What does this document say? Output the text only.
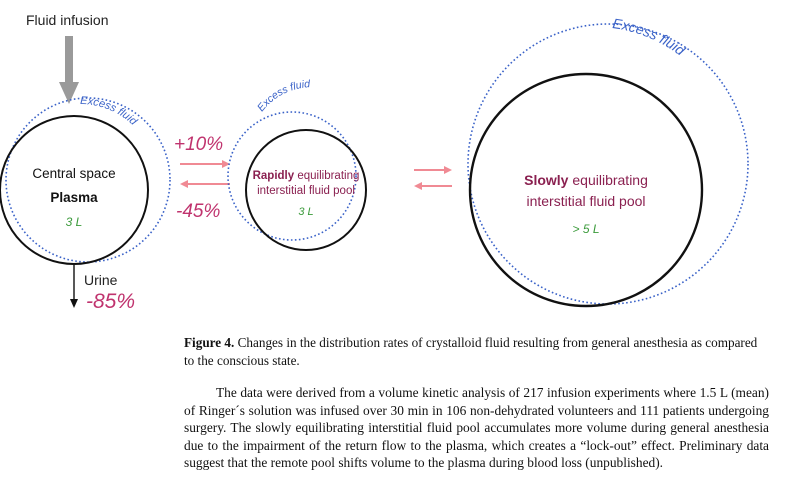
Excess fluid
Excess fluid
Excess fluid
Fluid infusion
Central space
Plasma
3 L
+10%
-45%
Rapidly equilibrating
interstitial fluid pool
3 L
Slowly equilibrating
interstitial fluid pool
> 5 L
Urine
-85%
Figure 4. Changes in the distribution rates of crystalloid fluid resulting from general anesthesia as compared to the conscious state.

The data were derived from a volume kinetic analysis of 217 infusion experiments where 1.5 L (mean) of Ringer´s solution was infused over 30 min in 106 non-dehydrated volunteers and 111 patients undergoing surgery. The slowly equilibrating interstitial fluid pool accumulates more volume during general anesthesia due to the impairment of the return flow to the plasma, which creates a “lock-out” effect. Preliminary data suggest that the remote pool shifts volume to the plasma during blood loss (unpublished).
